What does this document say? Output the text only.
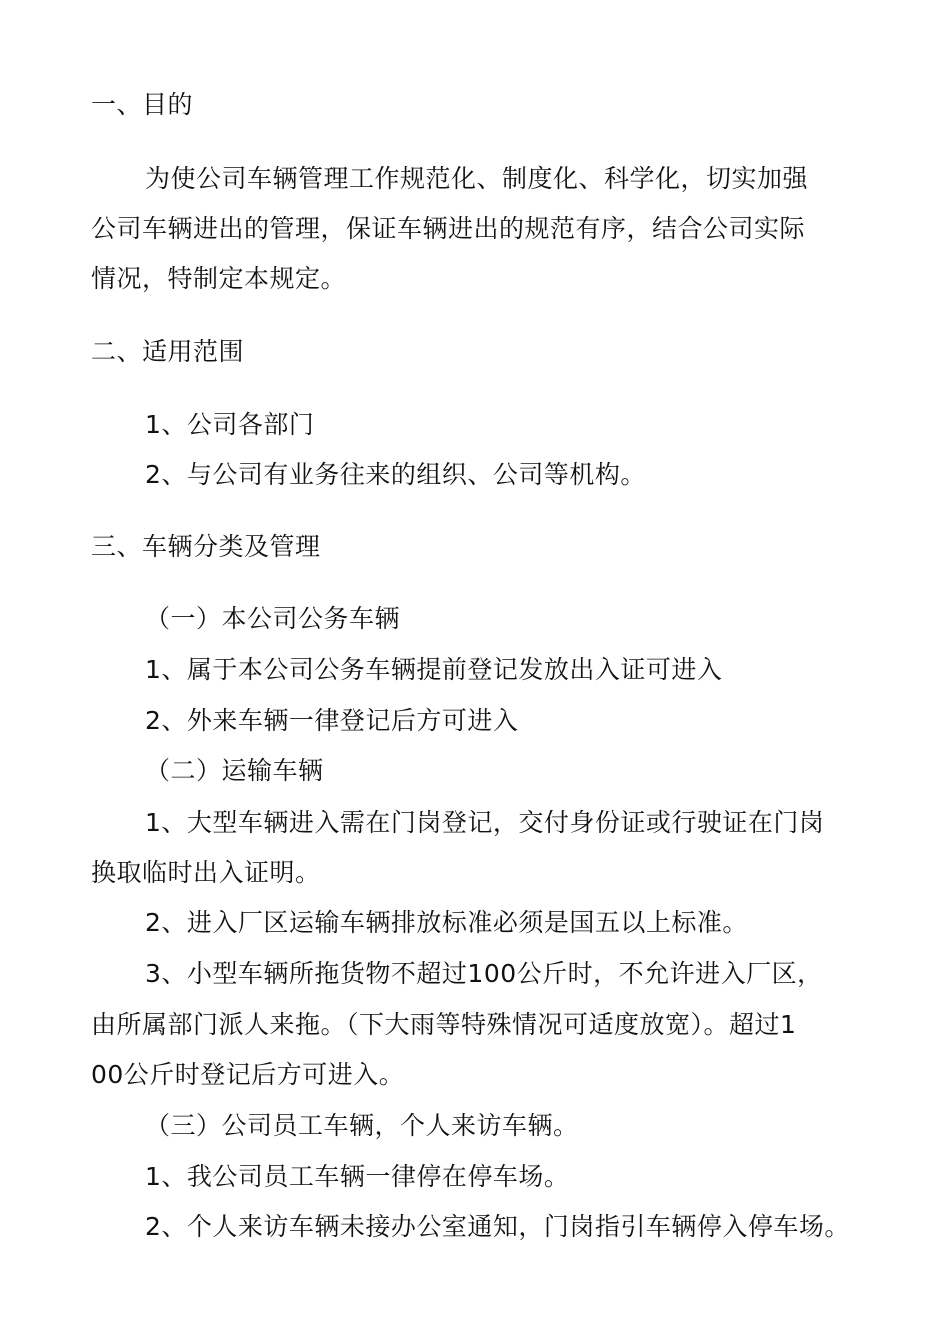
一、目的
为使公司车辆管理工作规范化、制度化、科学化，切实加强
公司车辆进出的管理，保证车辆进出的规范有序，结合公司实际
情况，特制定本规定。
二、适用范围
1、公司各部门
2、与公司有业务往来的组织、公司等机构。
三、车辆分类及管理
（一）本公司公务车辆
1、属于本公司公务车辆提前登记发放出入证可进入
2、外来车辆一律登记后方可进入
（二）运输车辆
1、大型车辆进入需在门岗登记，交付身份证或行驶证在门岗
换取临时出入证明。
2、进入厂区运输车辆排放标准必须是国五以上标准。
3、小型车辆所拖货物不超过100公斤时，不允许进入厂区，
由所属部门派人来拖。（下大雨等特殊情况可适度放宽）。超过1
00公斤时登记后方可进入。
（三）公司员工车辆，个人来访车辆。
1、我公司员工车辆一律停在停车场。
2、个人来访车辆未接办公室通知，门岗指引车辆停入停车场。
